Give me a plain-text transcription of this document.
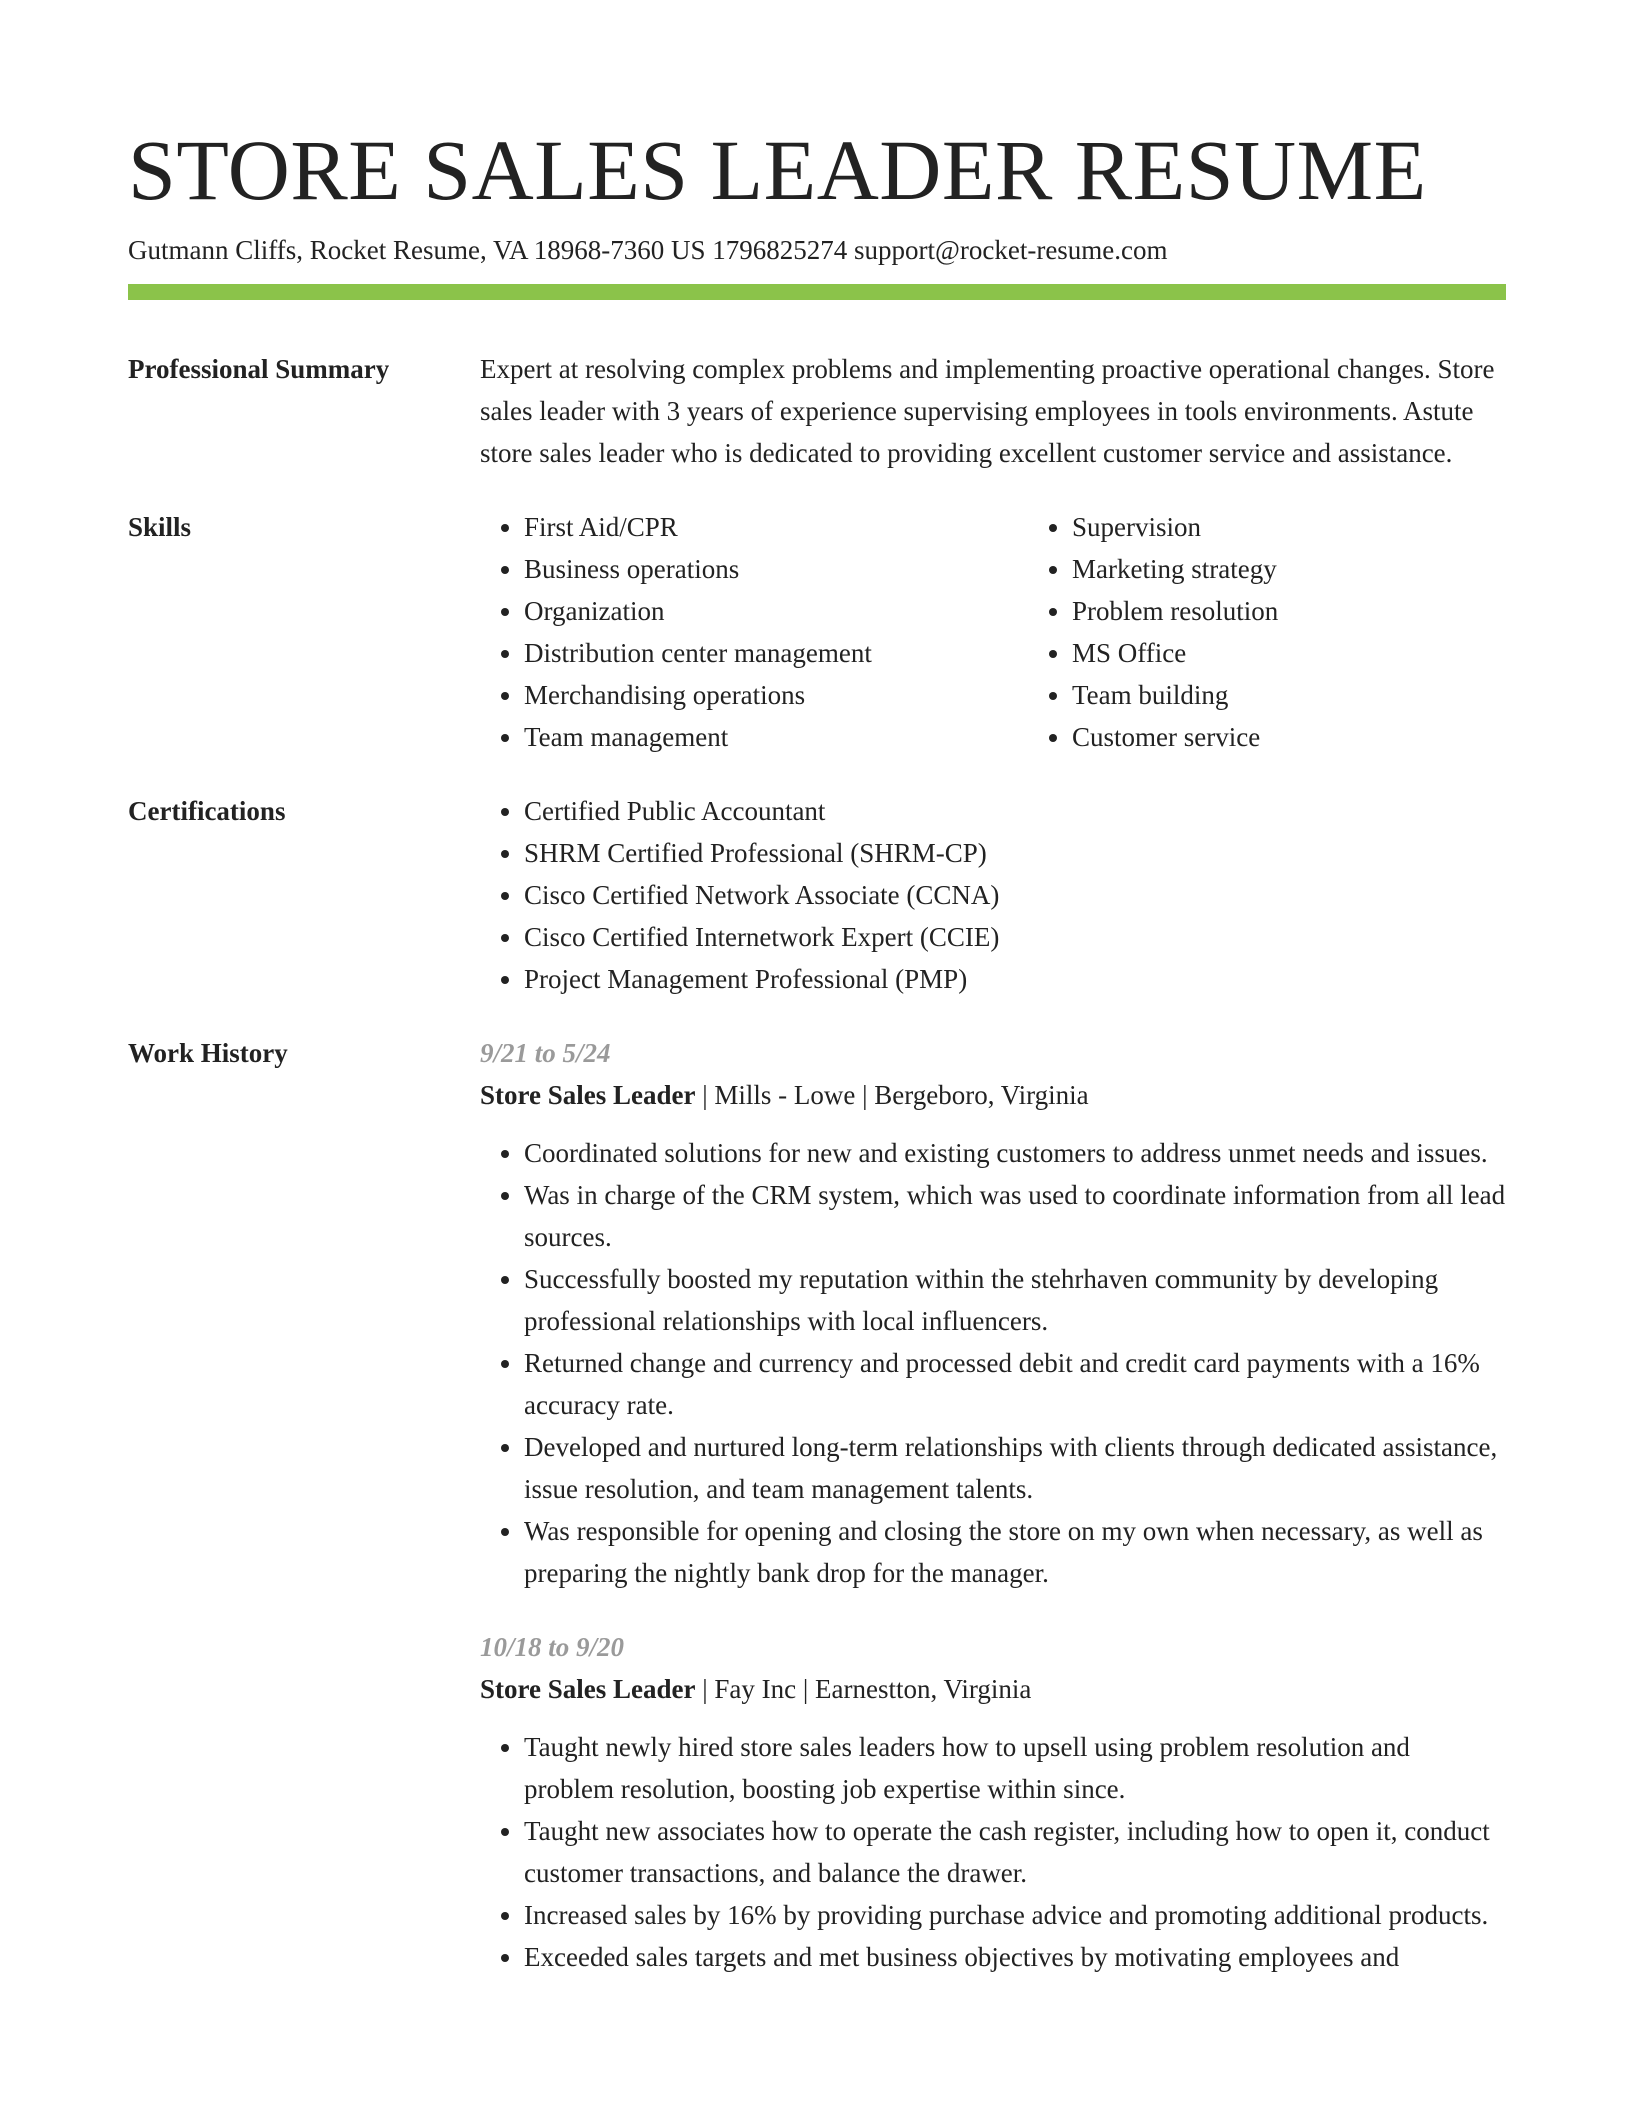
STORE SALES LEADER RESUME
Gutmann Cliffs, Rocket Resume, VA 18968-7360 US 1796825274 support@rocket-resume.com
Professional Summary	Expert at resolving complex problems and implementing proactive operational changes. Store sales leader with 3 years of experience supervising employees in tools environments. Astute store sales leader who is dedicated to providing excellent customer service and assistance.
Skills	• First Aid/CPR
• Business operations
• Organization
• Distribution center management
• Merchandising operations
• Team management
• Supervision
• Marketing strategy
• Problem resolution
• MS Office
• Team building
• Customer service
Certifications	• Certified Public Accountant
• SHRM Certified Professional (SHRM-CP)
• Cisco Certified Network Associate (CCNA)
• Cisco Certified Internetwork Expert (CCIE)
• Project Management Professional (PMP)
Work History	9/21 to 5/24
Store Sales Leader | Mills - Lowe | Bergeboro, Virginia
• Coordinated solutions for new and existing customers to address unmet needs and issues.
• Was in charge of the CRM system, which was used to coordinate information from all lead sources.
• Successfully boosted my reputation within the stehrhaven community by developing professional relationships with local influencers.
• Returned change and currency and processed debit and credit card payments with a 16% accuracy rate.
• Developed and nurtured long-term relationships with clients through dedicated assistance, issue resolution, and team management talents.
• Was responsible for opening and closing the store on my own when necessary, as well as preparing the nightly bank drop for the manager.
10/18 to 9/20
Store Sales Leader | Fay Inc | Earnestton, Virginia
• Taught newly hired store sales leaders how to upsell using problem resolution and problem resolution, boosting job expertise within since.
• Taught new associates how to operate the cash register, including how to open it, conduct customer transactions, and balance the drawer.
• Increased sales by 16% by providing purchase advice and promoting additional products.
• Exceeded sales targets and met business objectives by motivating employees and
